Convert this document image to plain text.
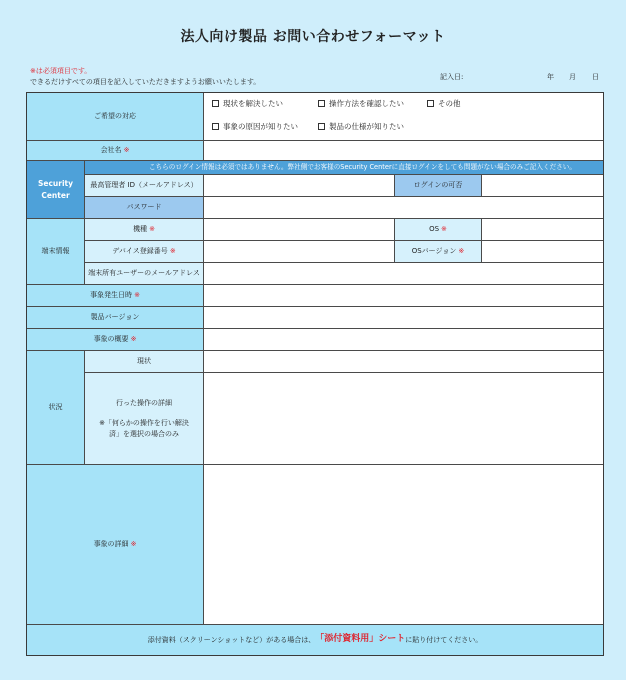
法人向け製品 お問い合わせフォーマット
※は必須項目です。
できるだけすべての項目を記入していただきますようお願いいたします。
記入日:	年 月 日
ご希望の対応
現状を解決したい	操作方法を確認したい	その他
事象の原因が知りたい	製品の仕様が知りたい
会社名 ※
Security Center
こちらのログイン情報は必須ではありません。弊社側でお客様のSecurity Centerに直接ログインをしても問題がない場合のみご記入ください。
最高管理者 ID（メールアドレス）	ログインの可否
パスワード
端末情報
機種 ※	OS ※
デバイス登録番号 ※	OSバージョン ※
端末所有ユーザーのメールアドレス
事象発生日時 ※
製品バージョン
事象の概要 ※
状況
現状
行った操作の詳細
※「何らかの操作を行い解決済」を選択の場合のみ
事象の詳細 ※
添付資料（スクリーンショットなど）がある場合は、 「添付資料用」シート に貼り付けてください。
